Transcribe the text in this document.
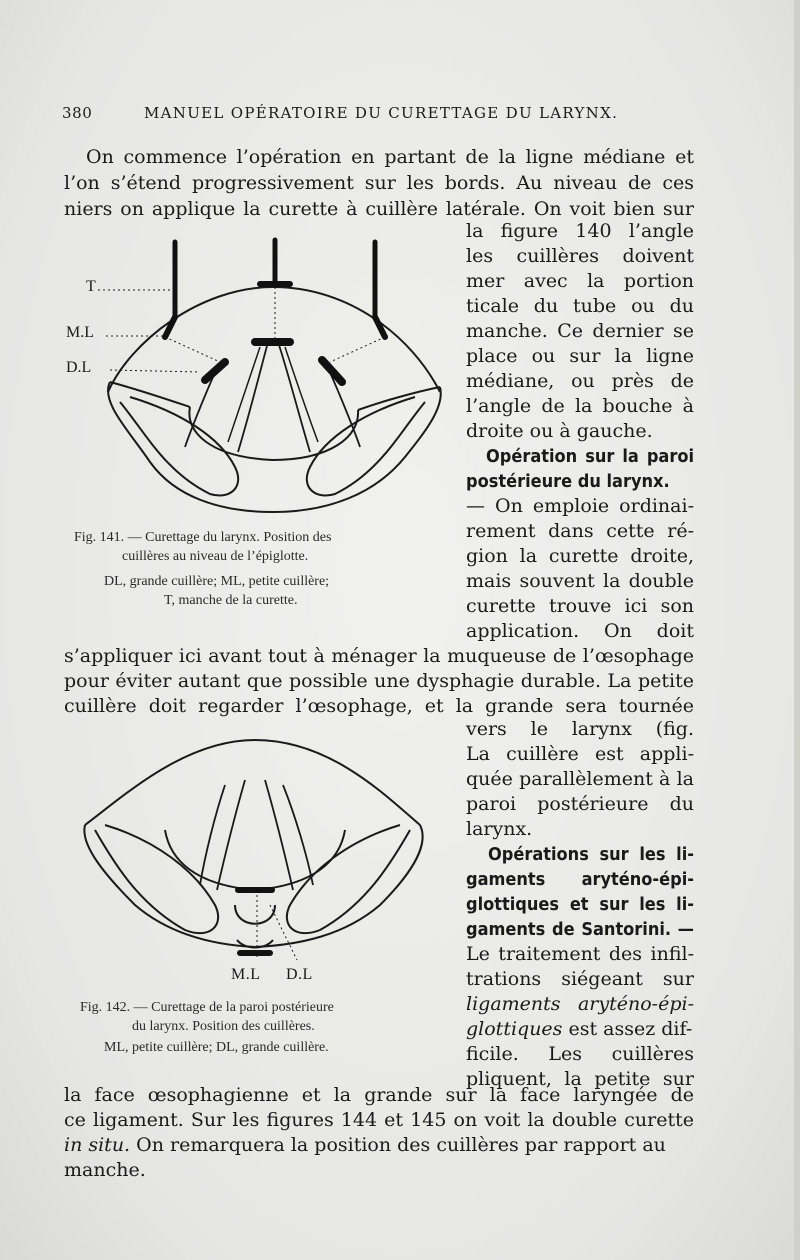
380	MANUEL OPÉRATOIRE DU CURETTAGE DU LARYNX.
On commence l’opération en partant de la ligne médiane et
l’on s’étend progressivement sur les bords. Au niveau de ces
niers on applique la curette à cuillère latérale. On voit bien sur
la figure 140 l’angle
les cuillères doivent
mer avec la portion
ticale du tube ou du
manche. Ce dernier se
place ou sur la ligne
médiane, ou près de
l’angle de la bouche à
droite ou à gauche.
Opération sur la paroi
postérieure du larynx.
— On emploie ordinai-
rement dans cette ré-
gion la curette droite,
mais souvent la double
curette trouve ici son
application. On doit
s’appliquer ici avant tout à ménager la muqueuse de l’œsophage
pour éviter autant que possible une dysphagie durable. La petite
cuillère doit regarder l’œsophage, et la grande sera tournée
vers le larynx (fig.
La cuillère est appli-
quée parallèlement à la
paroi postérieure du
larynx.
Opérations sur les li-
gaments aryténo-épi-
glottiques et sur les li-
gaments de Santorini. —
Le traitement des infil-
trations siégeant sur
ligaments aryténo-épi-
glottiques est assez dif-
ficile. Les cuillères
pliquent, la petite sur
la face œsophagienne et la grande sur la face laryngée de
ce ligament. Sur les figures 144 et 145 on voit la double curette
in situ. On remarquera la position des cuillères par rapport au
manche.
T
M.L
D.L
Fig. 141. — Curettage du larynx. Position des
cuillères au niveau de l’épiglotte.
DL, grande cuillère; ML, petite cuillère;
T, manche de la curette.
M.L D.L
Fig. 142. — Curettage de la paroi postérieure
du larynx. Position des cuillères.
ML, petite cuillère; DL, grande cuillère.
